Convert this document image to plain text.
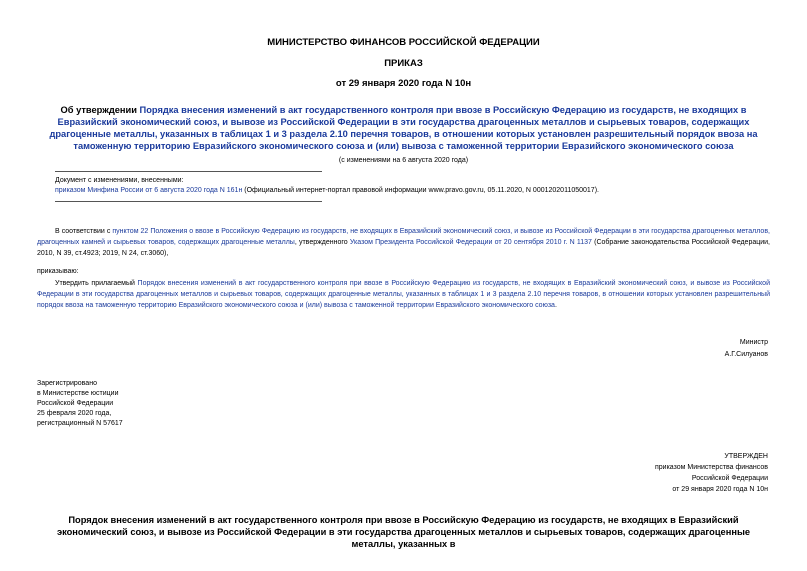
МИНИСТЕРСТВО ФИНАНСОВ РОССИЙСКОЙ ФЕДЕРАЦИИ
ПРИКАЗ
от 29 января 2020 года N 10н
Об утверждении Порядка внесения изменений в акт государственного контроля при ввозе в Российскую Федерацию из государств, не входящих в Евразийский экономический союз, и вывозе из Российской Федерации в эти государства драгоценных металлов и сырьевых товаров, содержащих драгоценные металлы, указанных в таблицах 1 и 3 раздела 2.10 перечня товаров, в отношении которых установлен разрешительный порядок ввоза на таможенную территорию Евразийского экономического союза и (или) вывоза с таможенной территории Евразийского экономического союза
(с изменениями на 6 августа 2020 года)
Документ с изменениями, внесенными:
приказом Минфина России от 6 августа 2020 года N 161н (Официальный интернет-портал правовой информации www.pravo.gov.ru, 05.11.2020, N 0001202011050017).
В соответствии с пунктом 22 Положения о ввозе в Российскую Федерацию из государств, не входящих в Евразийский экономический союз, и вывозе из Российской Федерации в эти государства драгоценных металлов, драгоценных камней и сырьевых товаров, содержащих драгоценные металлы, утвержденного Указом Президента Российской Федерации от 20 сентября 2010 г. N 1137 (Собрание законодательства Российской Федерации, 2010, N 39, ст.4923; 2019, N 24, ст.3060),
приказываю:
Утвердить прилагаемый Порядок внесения изменений в акт государственного контроля при ввозе в Российскую Федерацию из государств, не входящих в Евразийский экономический союз, и вывозе из Российской Федерации в эти государства драгоценных металлов и сырьевых товаров, содержащих драгоценные металлы, указанных в таблицах 1 и 3 раздела 2.10 перечня товаров, в отношении которых установлен разрешительный порядок ввоза на таможенную территорию Евразийского экономического союза и (или) вывоза с таможенной территории Евразийского экономического союза.
Министр
А.Г.Силуанов
Зарегистрировано
в Министерстве юстиции
Российской Федерации
25 февраля 2020 года,
регистрационный N 57617
УТВЕРЖДЕН
приказом Министерства финансов
Российской Федерации
от 29 января 2020 года N 10н
Порядок внесения изменений в акт государственного контроля при ввозе в Российскую Федерацию из государств, не входящих в Евразийский экономический союз, и вывозе из Российской Федерации в эти государства драгоценных металлов и сырьевых товаров, содержащих драгоценные металлы, указанных в
